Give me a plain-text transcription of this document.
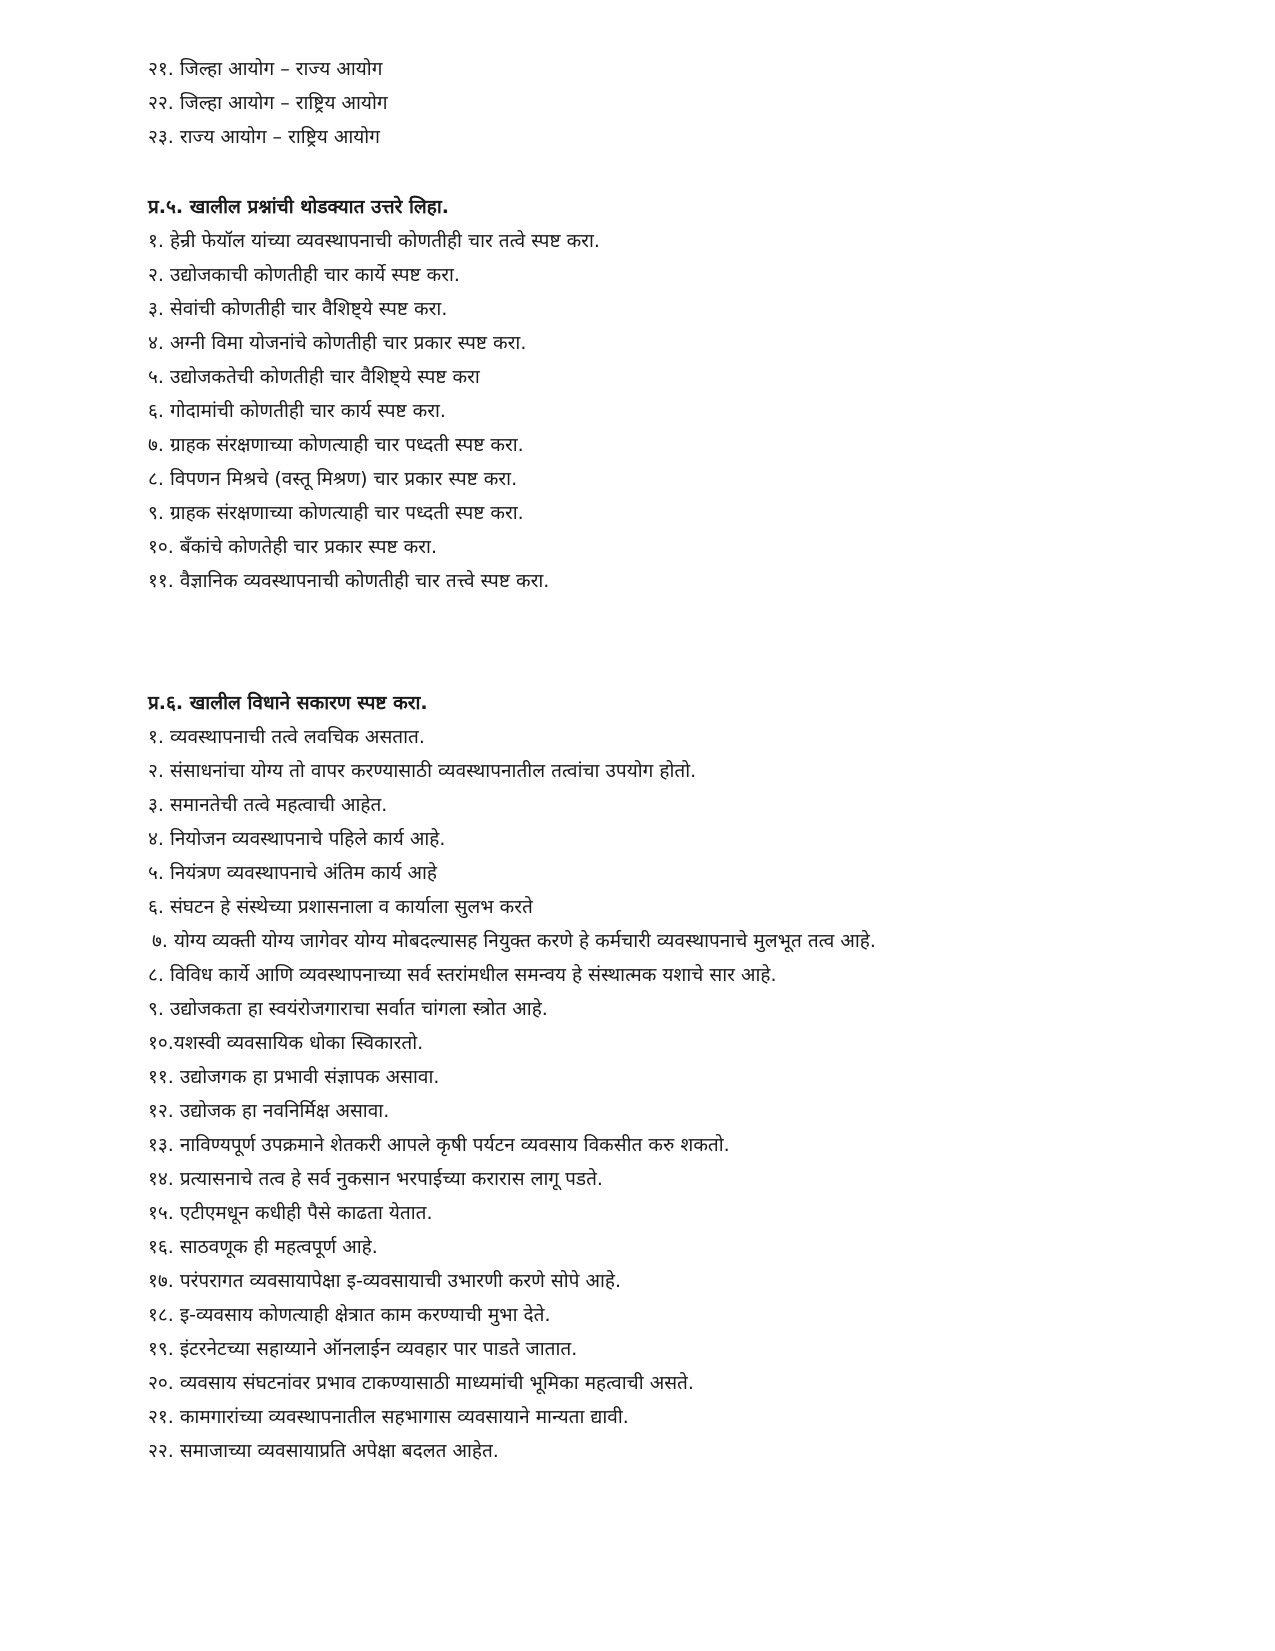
२१. जिल्हा आयोग – राज्य आयोग
२२. जिल्हा आयोग – राष्ट्रिय आयोग
२३. राज्य आयोग – राष्ट्रिय आयोग
प्र.५. खालील प्रश्नांची थोडक्यात उत्तरे लिहा.
१. हेन्री फेयॉल यांच्या व्यवस्थापनाची कोणतीही चार तत्वे स्पष्ट करा.
२. उद्योजकाची कोणतीही चार कार्ये स्पष्ट करा.
३. सेवांची कोणतीही चार वैशिष्ट्ये स्पष्ट करा.
४. अग्नी विमा योजनांचे कोणतीही चार प्रकार स्पष्ट करा.
५. उद्योजकतेची कोणतीही चार वैशिष्ट्ये स्पष्ट करा
६. गोदामांची कोणतीही चार कार्य स्पष्ट करा.
७. ग्राहक संरक्षणाच्या कोणत्याही चार पध्दती स्पष्ट करा.
८. विपणन मिश्रचे (वस्तू मिश्रण) चार प्रकार स्पष्ट करा.
९. ग्राहक संरक्षणाच्या कोणत्याही चार पध्दती स्पष्ट करा.
१०. बँकांचे कोणतेही चार प्रकार स्पष्ट करा.
११. वैज्ञानिक व्यवस्थापनाची कोणतीही चार तत्त्वे स्पष्ट करा.
प्र.६. खालील विधाने सकारण स्पष्ट करा.
१. व्यवस्थापनाची तत्वे लवचिक असतात.
२. संसाधनांचा योग्य तो वापर करण्यासाठी व्यवस्थापनातील तत्वांचा उपयोग होतो.
३. समानतेची तत्वे महत्वाची आहेत.
४. नियोजन व्यवस्थापनाचे पहिले कार्य आहे.
५. नियंत्रण व्यवस्थापनाचे अंतिम कार्य आहे
६. संघटन हे संस्थेच्या प्रशासनाला व कार्याला सुलभ करते
७. योग्य व्यक्ती योग्य जागेवर योग्य मोबदल्यासह नियुक्त करणे हे कर्मचारी व्यवस्थापनाचे मुलभूत तत्व आहे.
८. विविध कार्ये आणि व्यवस्थापनाच्या सर्व स्तरांमधील समन्वय हे संस्थात्मक यशाचे सार आहे.
९. उद्योजकता हा स्वयंरोजगाराचा सर्वात चांगला स्त्रोत आहे.
१०.यशस्वी व्यवसायिक धोका स्विकारतो.
११. उद्योजगक हा प्रभावी संज्ञापक असावा.
१२. उद्योजक हा नवनिर्मिक्ष असावा.
१३. नाविण्यपूर्ण उपक्रमाने शेतकरी आपले कृषी पर्यटन व्यवसाय विकसीत करु शकतो.
१४. प्रत्यासनाचे तत्व हे सर्व नुकसान भरपाईच्या करारास लागू पडते.
१५. एटीएमधून कधीही पैसे काढता येतात.
१६. साठवणूक ही महत्वपूर्ण आहे.
१७. परंपरागत व्यवसायापेक्षा इ-व्यवसायाची उभारणी करणे सोपे आहे.
१८. इ-व्यवसाय कोणत्याही क्षेत्रात काम करण्याची मुभा देते.
१९. इंटरनेटच्या सहाय्याने ऑनलाईन व्यवहार पार पाडते जातात.
२०. व्यवसाय संघटनांवर प्रभाव टाकण्यासाठी माध्यमांची भूमिका महत्वाची असते.
२१. कामगारांच्या व्यवस्थापनातील सहभागास व्यवसायाने मान्यता द्यावी.
२२. समाजाच्या व्यवसायाप्रति अपेक्षा बदलत आहेत.
